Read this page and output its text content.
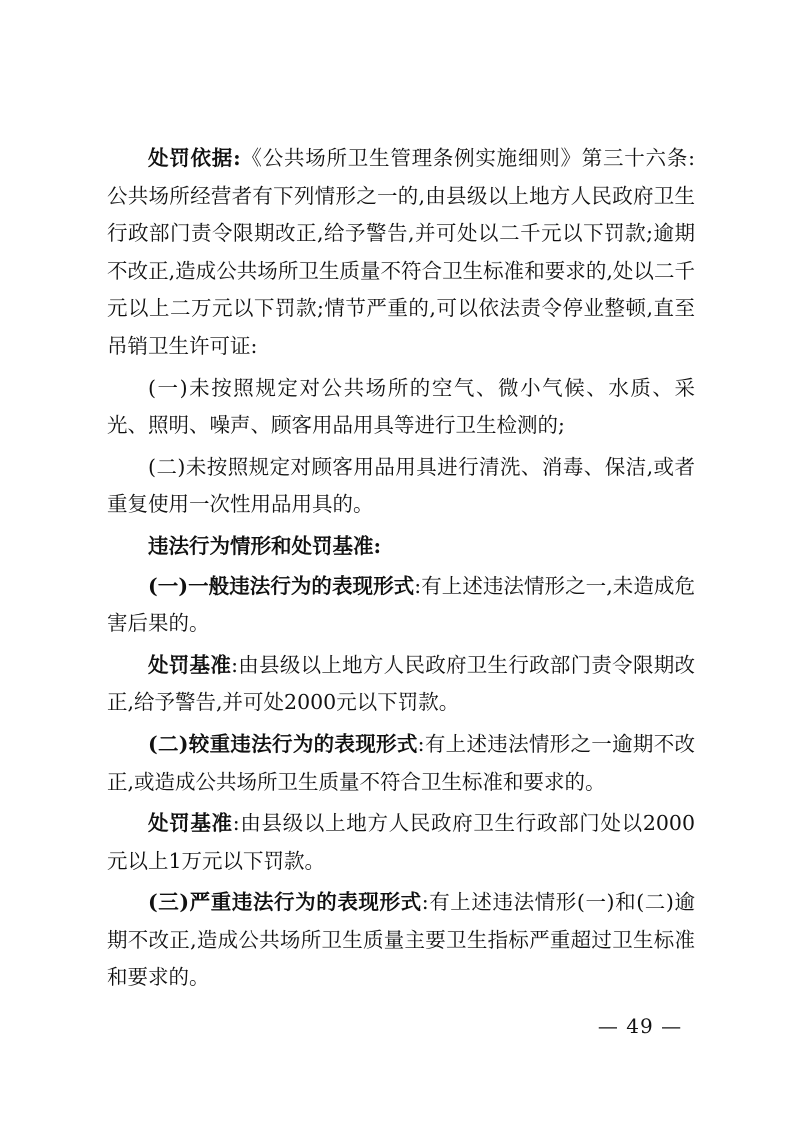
处罚依据:《公共场所卫生管理条例实施细则》第三十六条:公共场所经营者有下列情形之一的,由县级以上地方人民政府卫生行政部门责令限期改正,给予警告,并可处以二千元以下罚款;逾期不改正,造成公共场所卫生质量不符合卫生标准和要求的,处以二千元以上二万元以下罚款;情节严重的,可以依法责令停业整顿,直至吊销卫生许可证:

(一)未按照规定对公共场所的空气、微小气候、水质、采光、照明、噪声、顾客用品用具等进行卫生检测的;

(二)未按照规定对顾客用品用具进行清洗、消毒、保洁,或者重复使用一次性用品用具的。

违法行为情形和处罚基准:

(一)一般违法行为的表现形式:有上述违法情形之一,未造成危害后果的。

处罚基准:由县级以上地方人民政府卫生行政部门责令限期改正,给予警告,并可处2000元以下罚款。

(二)较重违法行为的表现形式:有上述违法情形之一逾期不改正,或造成公共场所卫生质量不符合卫生标准和要求的。

处罚基准:由县级以上地方人民政府卫生行政部门处以2000元以上1万元以下罚款。

(三)严重违法行为的表现形式:有上述违法情形(一)和(二)逾期不改正,造成公共场所卫生质量主要卫生指标严重超过卫生标准和要求的。

— 49 —
